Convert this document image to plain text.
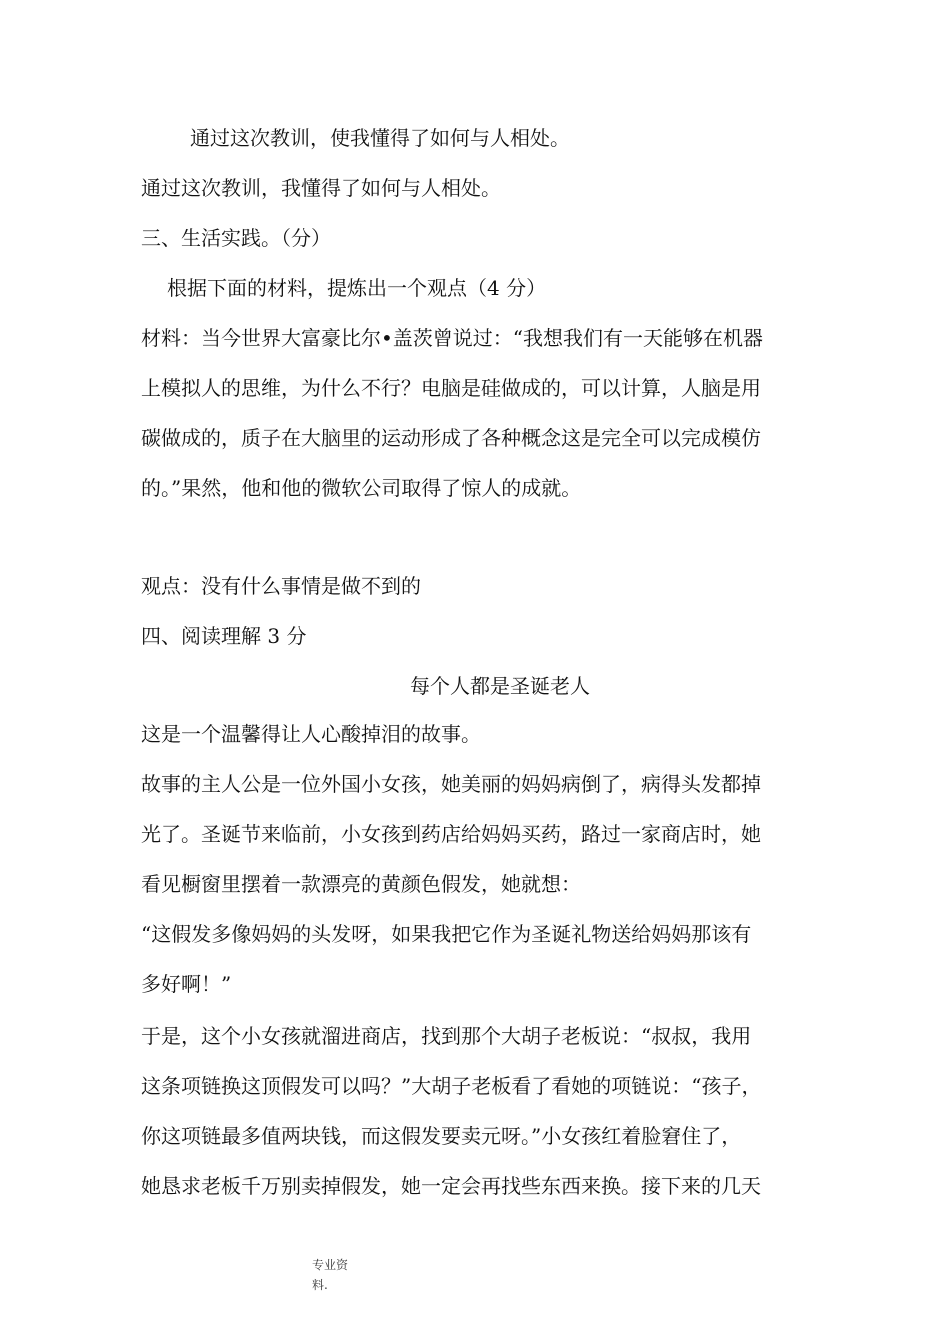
通过这次教训，使我懂得了如何与人相处。
通过这次教训，我懂得了如何与人相处。
三、生活实践。（分）
根据下面的材料，提炼出一个观点（4 分）
材料：当今世界大富豪比尔•盖茨曾说过：“我想我们有一天能够在机器
上模拟人的思维，为什么不行？电脑是硅做成的，可以计算，人脑是用
碳做成的，质子在大脑里的运动形成了各种概念这是完全可以完成模仿
的。”果然，他和他的微软公司取得了惊人的成就。
观点：没有什么事情是做不到的
四、阅读理解 3 分
每个人都是圣诞老人
这是一个温馨得让人心酸掉泪的故事。
故事的主人公是一位外国小女孩，她美丽的妈妈病倒了，病得头发都掉
光了。圣诞节来临前，小女孩到药店给妈妈买药，路过一家商店时，她
看见橱窗里摆着一款漂亮的黄颜色假发，她就想：
“这假发多像妈妈的头发呀，如果我把它作为圣诞礼物送给妈妈那该有
多好啊！”
于是，这个小女孩就溜进商店，找到那个大胡子老板说：“叔叔，我用
这条项链换这顶假发可以吗？”大胡子老板看了看她的项链说：“孩子，
你这项链最多值两块钱，而这假发要卖元呀。”小女孩红着脸窘住了，
她恳求老板千万别卖掉假发，她一定会再找些东西来换。接下来的几天
专业资
料.
